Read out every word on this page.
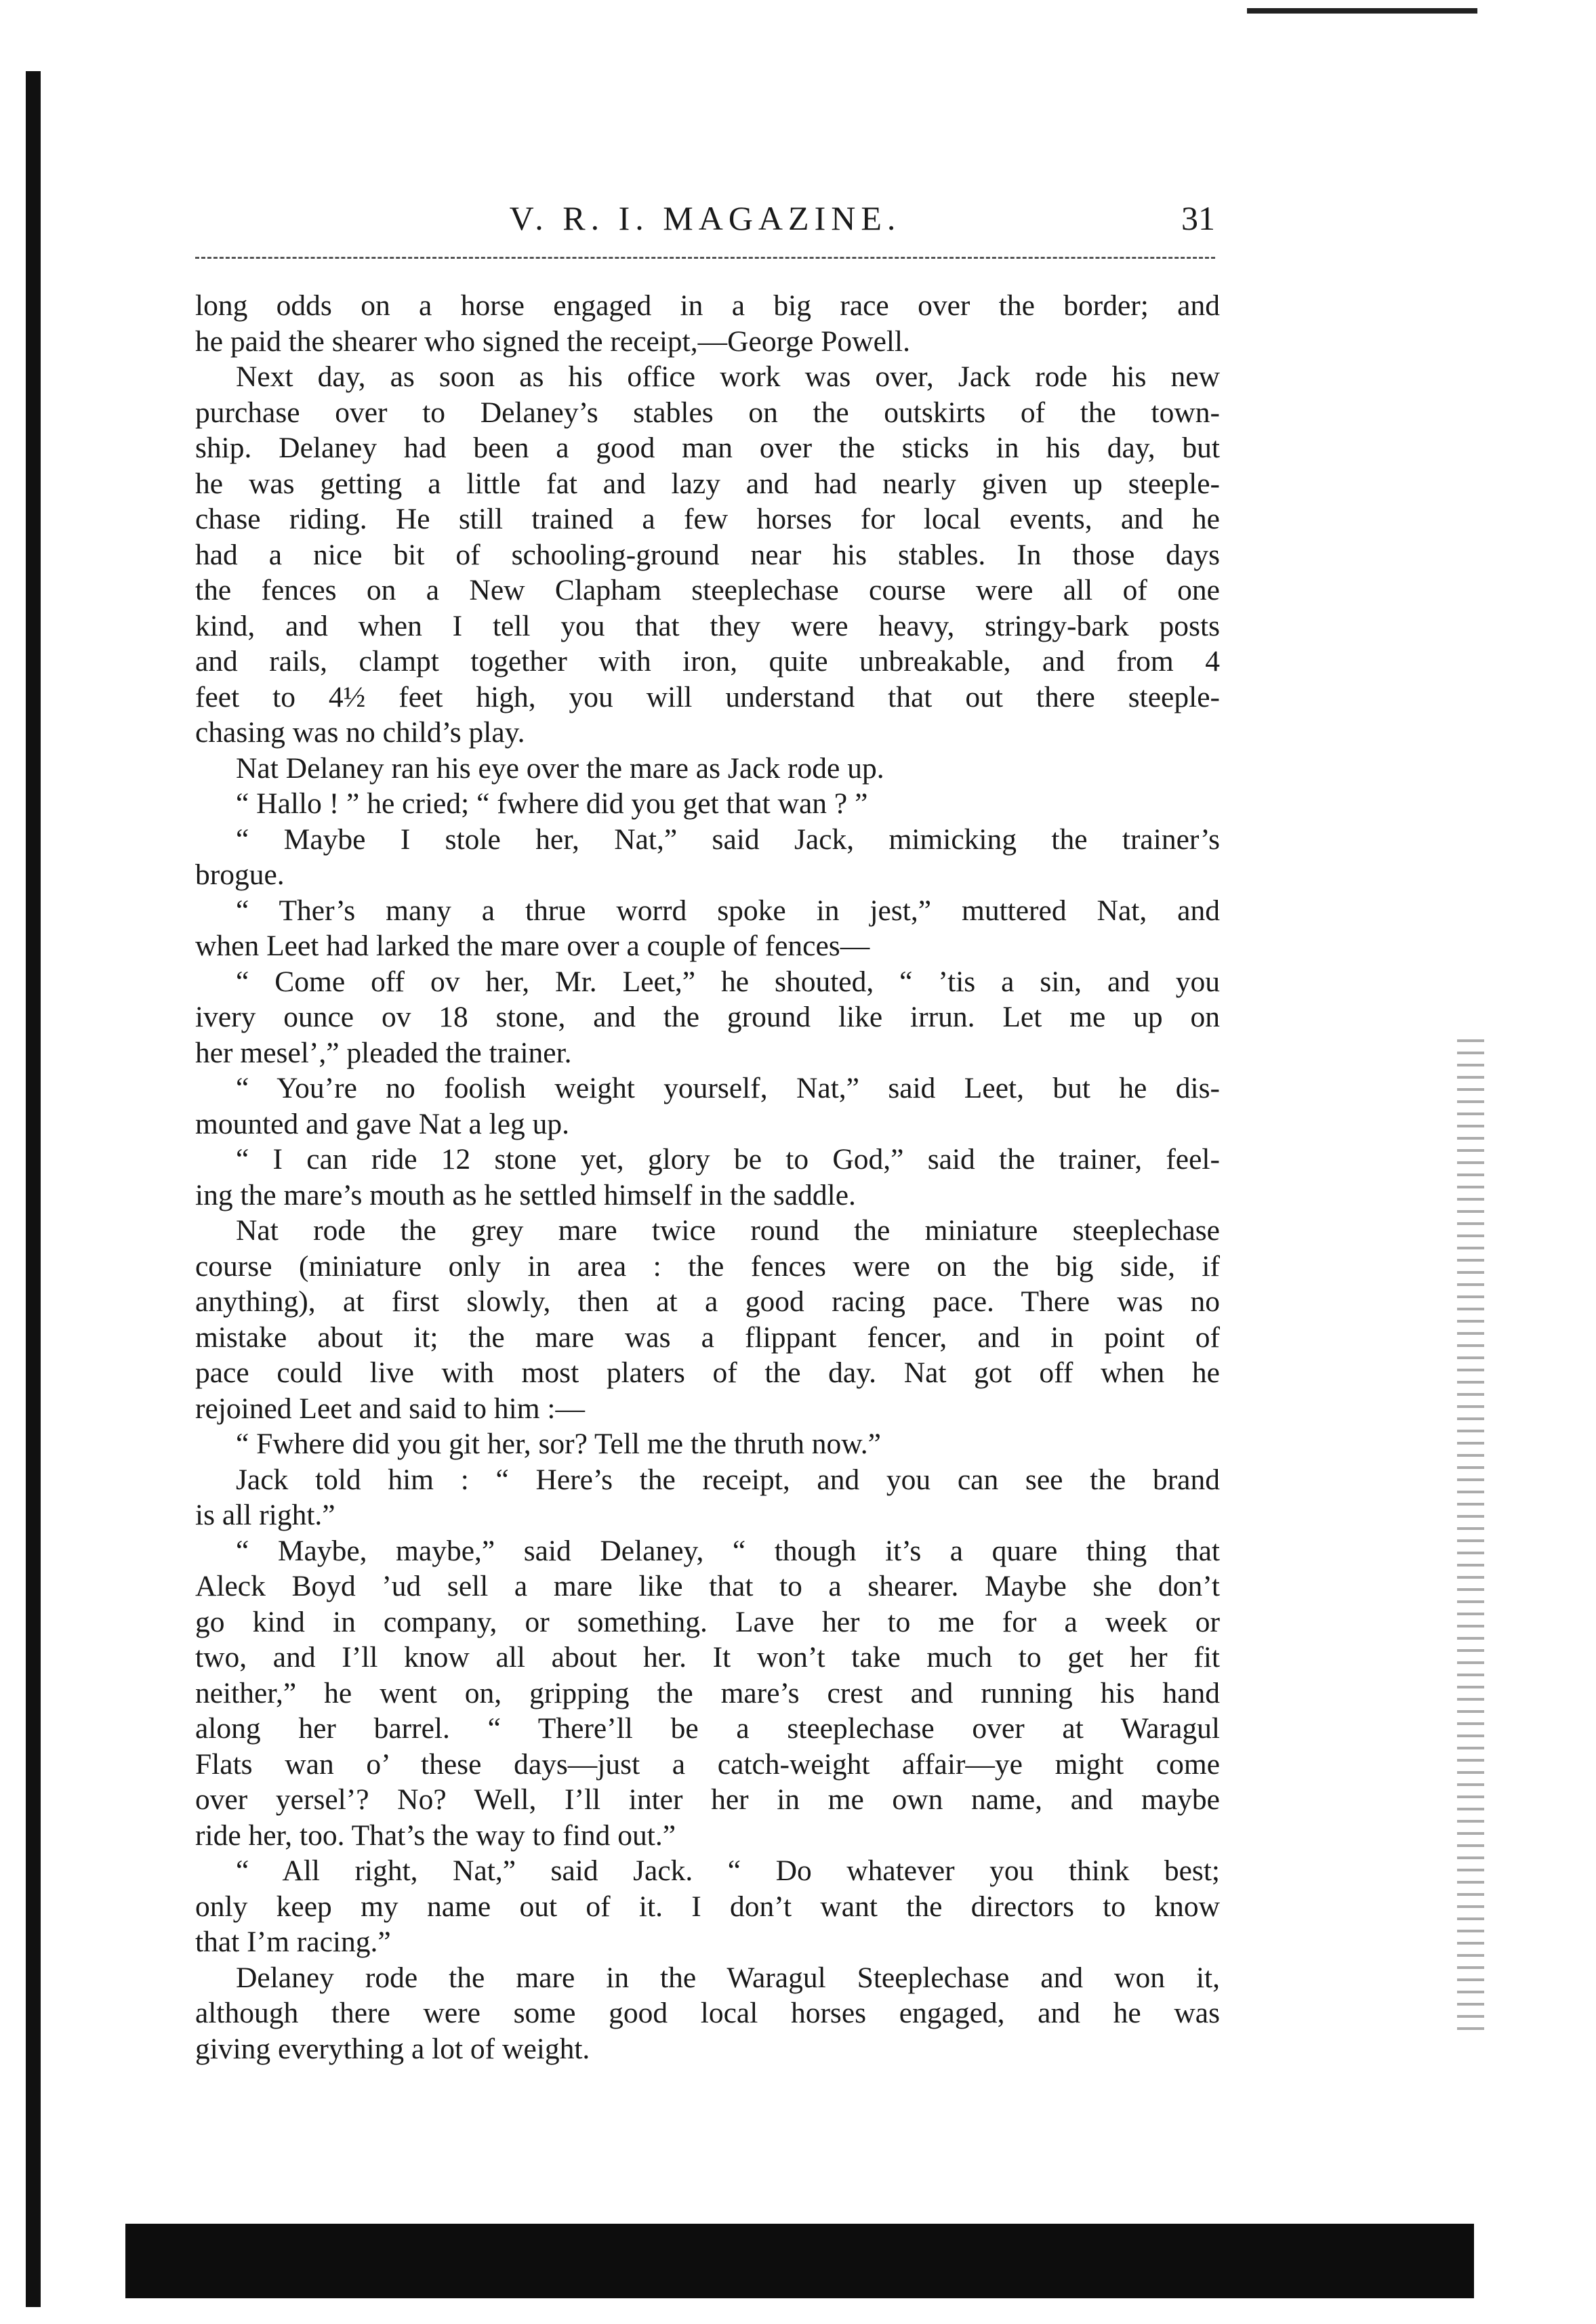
V. R. I. MAGAZINE.	31
long odds on a horse engaged in a big race over the border; and
he paid the shearer who signed the receipt,—George Powell.
Next day, as soon as his office work was over, Jack rode his new
purchase over to Delaney’s stables on the outskirts of the town-
ship. Delaney had been a good man over the sticks in his day, but
he was getting a little fat and lazy and had nearly given up steeple-
chase riding. He still trained a few horses for local events, and he
had a nice bit of schooling-ground near his stables. In those days
the fences on a New Clapham steeplechase course were all of one
kind, and when I tell you that they were heavy, stringy-bark posts
and rails, clampt together with iron, quite unbreakable, and from 4
feet to 4½ feet high, you will understand that out there steeple-
chasing was no child’s play.
Nat Delaney ran his eye over the mare as Jack rode up.
“ Hallo ! ” he cried; “ fwhere did you get that wan ? ”
“ Maybe I stole her, Nat,” said Jack, mimicking the trainer’s
brogue.
“ Ther’s many a thrue worrd spoke in jest,” muttered Nat, and
when Leet had larked the mare over a couple of fences—
“ Come off ov her, Mr. Leet,” he shouted, “ ’tis a sin, and you
ivery ounce ov 18 stone, and the ground like irrun. Let me up on
her mesel’,” pleaded the trainer.
“ You’re no foolish weight yourself, Nat,” said Leet, but he dis-
mounted and gave Nat a leg up.
“ I can ride 12 stone yet, glory be to God,” said the trainer, feel-
ing the mare’s mouth as he settled himself in the saddle.
Nat rode the grey mare twice round the miniature steeplechase
course (miniature only in area : the fences were on the big side, if
anything), at first slowly, then at a good racing pace. There was no
mistake about it; the mare was a flippant fencer, and in point of
pace could live with most platers of the day. Nat got off when he
rejoined Leet and said to him :—
“ Fwhere did you git her, sor? Tell me the thruth now.”
Jack told him : “ Here’s the receipt, and you can see the brand
is all right.”
“ Maybe, maybe,” said Delaney, “ though it’s a quare thing that
Aleck Boyd ’ud sell a mare like that to a shearer. Maybe she don’t
go kind in company, or something. Lave her to me for a week or
two, and I’ll know all about her. It won’t take much to get her fit
neither,” he went on, gripping the mare’s crest and running his hand
along her barrel. “ There’ll be a steeplechase over at Waragul
Flats wan o’ these days—just a catch-weight affair—ye might come
over yersel’? No? Well, I’ll inter her in me own name, and maybe
ride her, too. That’s the way to find out.”
“ All right, Nat,” said Jack. “ Do whatever you think best;
only keep my name out of it. I don’t want the directors to know
that I’m racing.”
Delaney rode the mare in the Waragul Steeplechase and won it,
although there were some good local horses engaged, and he was
giving everything a lot of weight.
